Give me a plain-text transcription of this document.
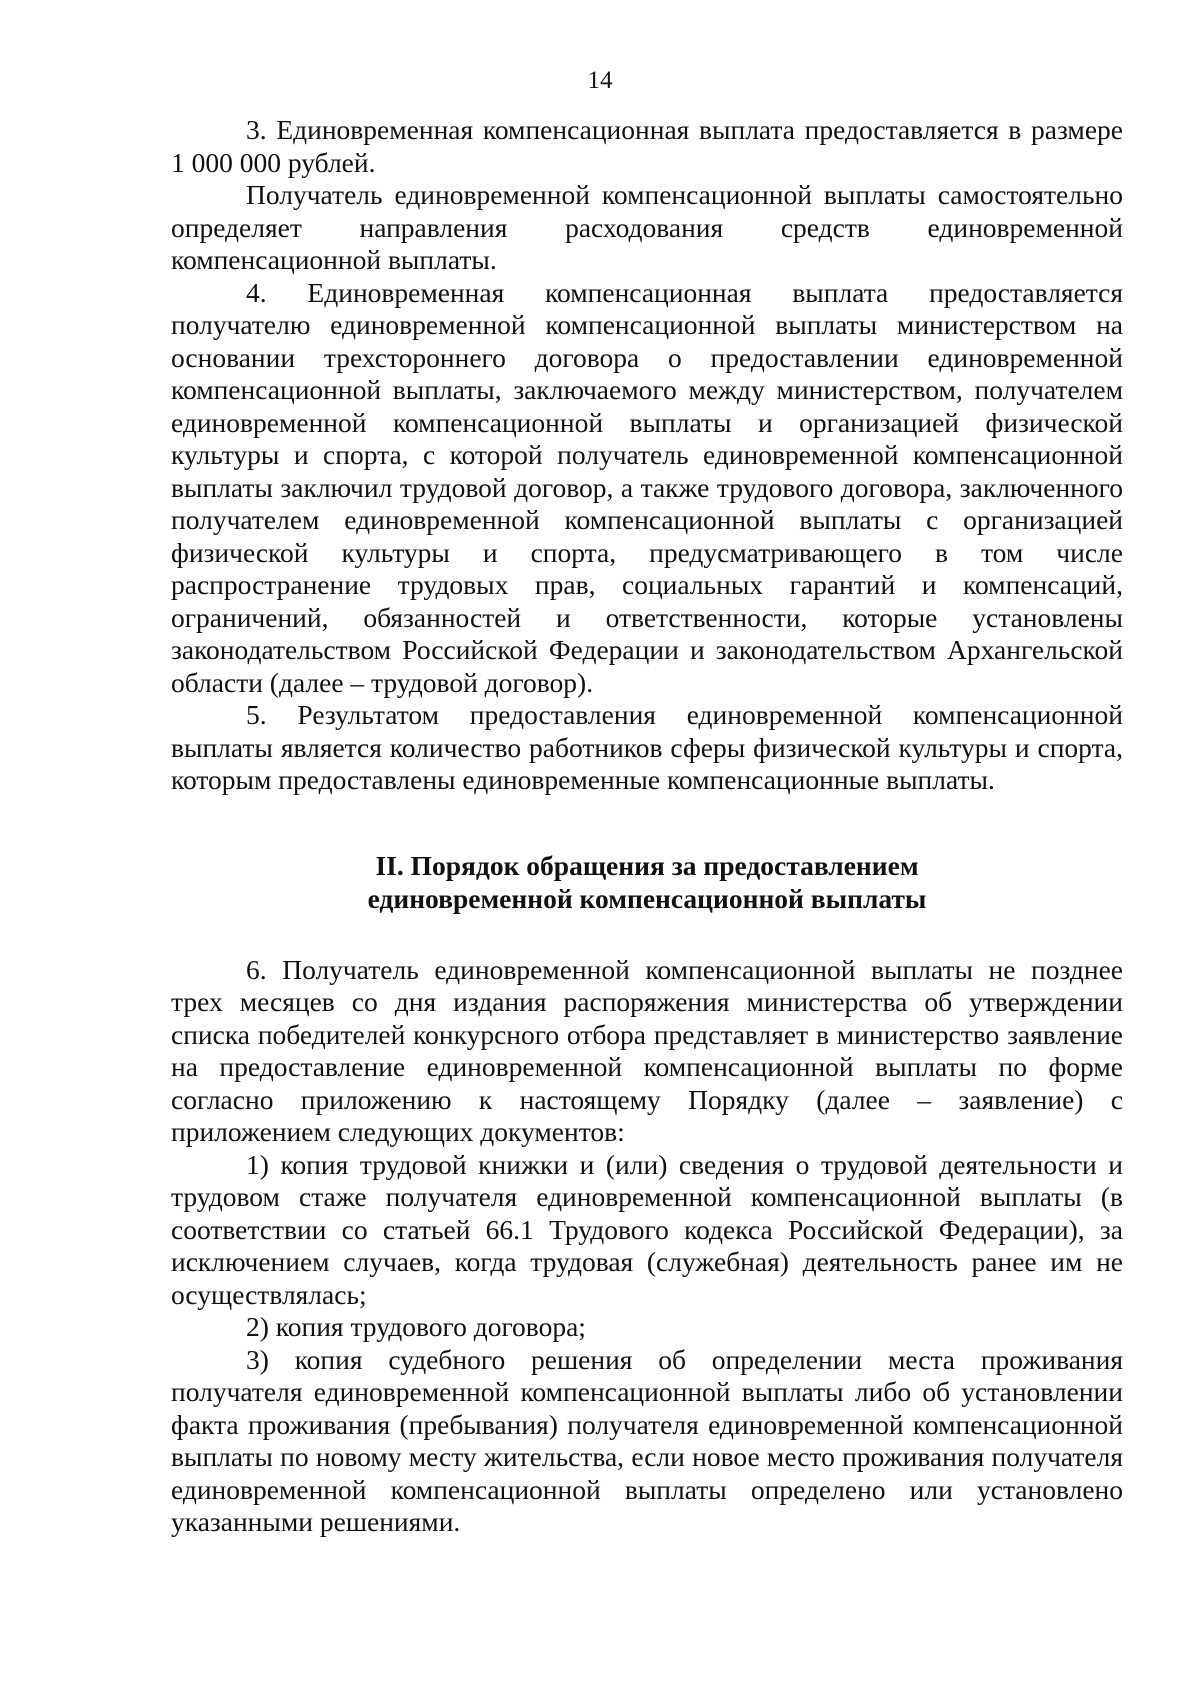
14

3. Единовременная компенсационная выплата предоставляется в размере 1 000 000 рублей.

Получатель единовременной компенсационной выплаты самостоятельно определяет направления расходования средств единовременной компенсационной выплаты.

4. Единовременная компенсационная выплата предоставляется получателю единовременной компенсационной выплаты министерством на основании трехстороннего договора о предоставлении единовременной компенсационной выплаты, заключаемого между министерством, получателем единовременной компенсационной выплаты и организацией физической культуры и спорта, с которой получатель единовременной компенсационной выплаты заключил трудовой договор, а также трудового договора, заключенного получателем единовременной компенсационной выплаты с организацией физической культуры и спорта, предусматривающего в том числе распространение трудовых прав, социальных гарантий и компенсаций, ограничений, обязанностей и ответственности, которые установлены законодательством Российской Федерации и законодательством Архангельской области (далее – трудовой договор).

5. Результатом предоставления единовременной компенсационной выплаты является количество работников сферы физической культуры и спорта, которым предоставлены единовременные компенсационные выплаты.

II. Порядок обращения за предоставлением
единовременной компенсационной выплаты

6. Получатель единовременной компенсационной выплаты не позднее трех месяцев со дня издания распоряжения министерства об утверждении списка победителей конкурсного отбора представляет в министерство заявление на предоставление единовременной компенсационной выплаты по форме согласно приложению к настоящему Порядку (далее – заявление) с приложением следующих документов:

1) копия трудовой книжки и (или) сведения о трудовой деятельности и трудовом стаже получателя единовременной компенсационной выплаты (в соответствии со статьей 66.1 Трудового кодекса Российской Федерации), за исключением случаев, когда трудовая (служебная) деятельность ранее им не осуществлялась;

2) копия трудового договора;

3) копия судебного решения об определении места проживания получателя единовременной компенсационной выплаты либо об установлении факта проживания (пребывания) получателя единовременной компенсационной выплаты по новому месту жительства, если новое место проживания получателя единовременной компенсационной выплаты определено или установлено указанными решениями.
